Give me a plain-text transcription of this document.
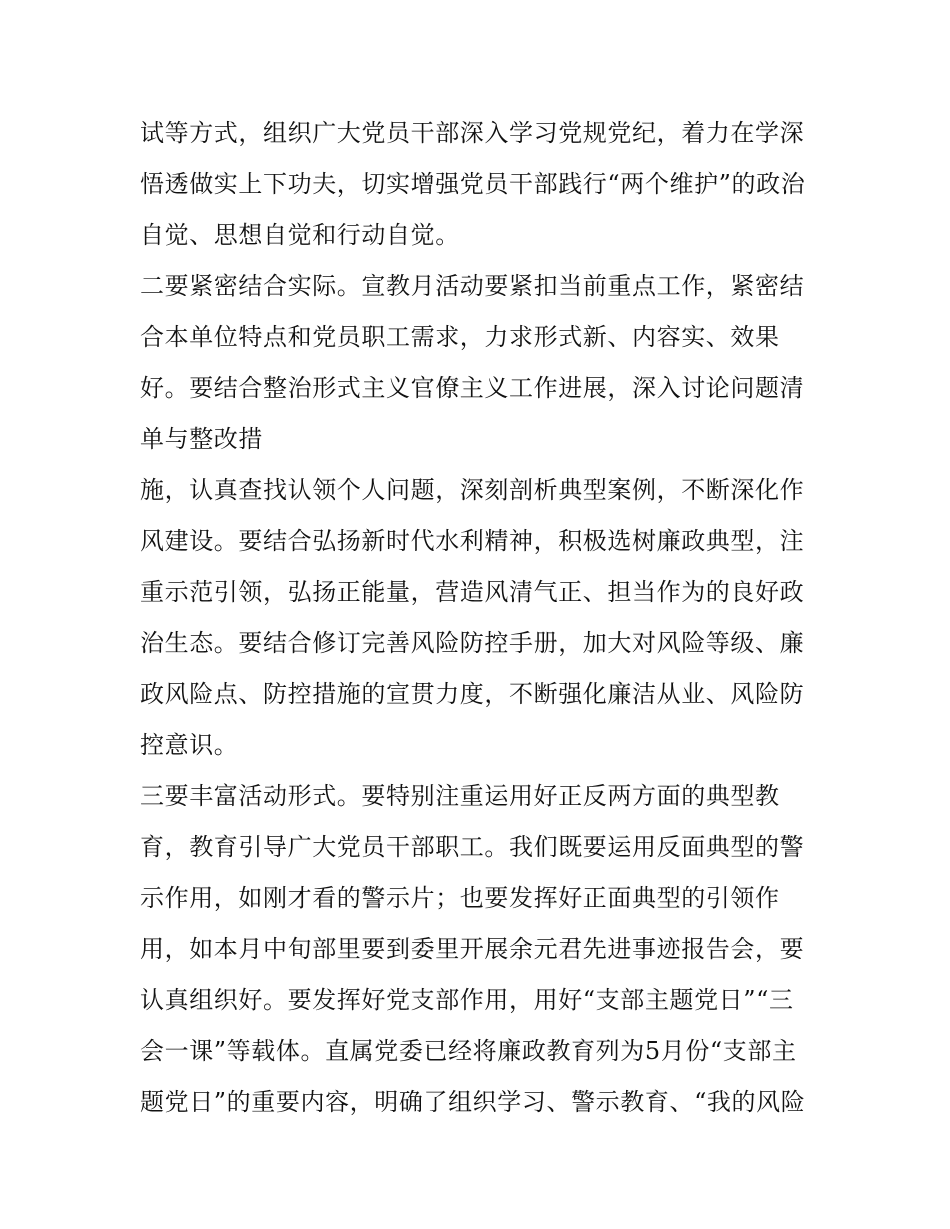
试等方式，组织广大党员干部深入学习党规党纪，着力在学深
悟透做实上下功夫，切实增强党员干部践行“两个维护”的政治
自觉、思想自觉和行动自觉。
二要紧密结合实际。宣教月活动要紧扣当前重点工作，紧密结
合本单位特点和党员职工需求，力求形式新、内容实、效果
好。要结合整治形式主义官僚主义工作进展，深入讨论问题清
单与整改措
施，认真查找认领个人问题，深刻剖析典型案例，不断深化作
风建设。要结合弘扬新时代水利精神，积极选树廉政典型，注
重示范引领，弘扬正能量，营造风清气正、担当作为的良好政
治生态。要结合修订完善风险防控手册，加大对风险等级、廉
政风险点、防控措施的宣贯力度，不断强化廉洁从业、风险防
控意识。
三要丰富活动形式。要特别注重运用好正反两方面的典型教
育，教育引导广大党员干部职工。我们既要运用反面典型的警
示作用，如刚才看的警示片；也要发挥好正面典型的引领作
用，如本月中旬部里要到委里开展余元君先进事迹报告会，要
认真组织好。要发挥好党支部作用，用好“支部主题党日”“三
会一课”等载体。直属党委已经将廉政教育列为5月份“支部主
题党日”的重要内容，明确了组织学习、警示教育、“我的风险
